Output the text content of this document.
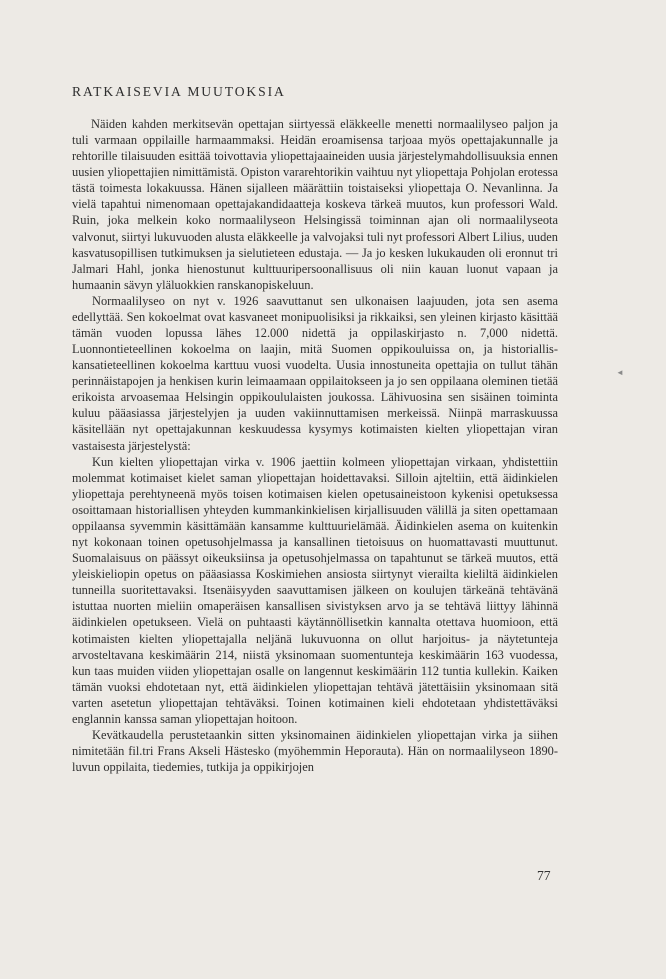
RATKAISEVIA MUUTOKSIA

Näiden kahden merkitsevän opettajan siirtyessä eläkkeelle menetti normaalilyseo paljon ja tuli varmaan oppilaille harmaammaksi. Heidän eroamisensa tarjoaa myös opettajakunnalle ja rehtorille tilaisuuden esittää toivottavia yliopettajaaineiden uusia järjestelymahdollisuuksia ennen uusien yliopettajien nimittämistä. Opiston vararehtorikin vaihtuu nyt yliopettaja Pohjolan erotessa tästä toimesta lokakuussa. Hänen sijalleen määrättiin toistaiseksi yliopettaja O. Nevanlinna. Ja vielä tapahtui nimenomaan opettajakandidaatteja koskeva tärkeä muutos, kun professori Wald. Ruin, joka melkein koko normaalilyseon Helsingissä toiminnan ajan oli normaalilyseota valvonut, siirtyi lukuvuoden alusta eläkkeelle ja valvojaksi tuli nyt professori Albert Lilius, uuden kasvatusopillisen tutkimuksen ja sielutieteen edustaja. — Ja jo kesken lukukauden oli eronnut tri Jalmari Hahl, jonka hienostunut kulttuuripersoonallisuus oli niin kauan luonut vapaan ja humaanin sävyn yläluokkien ranskanopiskeluun.

Normaalilyseo on nyt v. 1926 saavuttanut sen ulkonaisen laajuuden, jota sen asema edellyttää. Sen kokoelmat ovat kasvaneet monipuolisiksi ja rikkaiksi, sen yleinen kirjasto käsittää tämän vuoden lopussa lähes 12.000 nidettä ja oppilaskirjasto n. 7,000 nidettä. Luonnontieteellinen kokoelma on laajin, mitä Suomen oppikouluissa on, ja historiallis-kansatieteellinen kokoelma karttuu vuosi vuodelta. Uusia innostuneita opettajia on tullut tähän perinnäistapojen ja henkisen kurin leimaamaan oppilaitokseen ja jo sen oppilaana oleminen tietää erikoista arvoasemaa Helsingin oppikoululaisten joukossa. Lähivuosina sen sisäinen toiminta kuluu pääasiassa järjestelyjen ja uuden vakiinnuttamisen merkeissä. Niinpä marraskuussa käsitellään nyt opettajakunnan keskuudessa kysymys kotimaisten kielten yliopettajan viran vastaisesta järjestelystä:

Kun kielten yliopettajan virka v. 1906 jaettiin kolmeen yliopettajan virkaan, yhdistettiin molemmat kotimaiset kielet saman yliopettajan hoidettavaksi. Silloin ajteltiin, että äidinkielen yliopettaja perehtyneenä myös toisen kotimaisen kielen opetusaineistoon kykenisi opetuksessa osoittamaan historiallisen yhteyden kummankinkielisen kirjallisuuden välillä ja siten opettamaan oppilaansa syvemmin käsittämään kansamme kulttuurielämää. Äidinkielen asema on kuitenkin nyt kokonaan toinen opetusohjelmassa ja kansallinen tietoisuus on huomattavasti muuttunut. Suomalaisuus on päässyt oikeuksiinsa ja opetusohjelmassa on tapahtunut se tärkeä muutos, että yleiskieliopin opetus on pääasiassa Koskimiehen ansiosta siirtynyt vierailta kieliltä äidinkielen tunneilla suoritettavaksi. Itsenäisyyden saavuttamisen jälkeen on koulujen tärkeänä tehtävänä istuttaa nuorten mieliin omaperäisen kansallisen sivistyksen arvo ja se tehtävä liittyy lähinnä äidinkielen opetukseen. Vielä on puhtaasti käytännöllisetkin kannalta otettava huomioon, että kotimaisten kielten yliopettajalla neljänä lukuvuonna on ollut harjoitus- ja näytetunteja arvosteltavana keskimäärin 214, niistä yksinomaan suomentunteja keskimäärin 163 vuodessa, kun taas muiden viiden yliopettajan osalle on langennut keskimäärin 112 tuntia kullekin. Kaiken tämän vuoksi ehdotetaan nyt, että äidinkielen yliopettajan tehtävä jätettäisiin yksinomaan sitä varten asetetun yliopettajan tehtäväksi. Toinen kotimainen kieli ehdotetaan yhdistettäväksi englannin kanssa saman yliopettajan hoitoon.

Kevätkaudella perustetaankin sitten yksinomainen äidinkielen yliopettajan virka ja siihen nimitetään fil.tri Frans Akseli Hästesko (myöhemmin Heporauta). Hän on normaalilyseon 1890-luvun oppilaita, tiedemies, tutkija ja oppikirjojen

◄
77
